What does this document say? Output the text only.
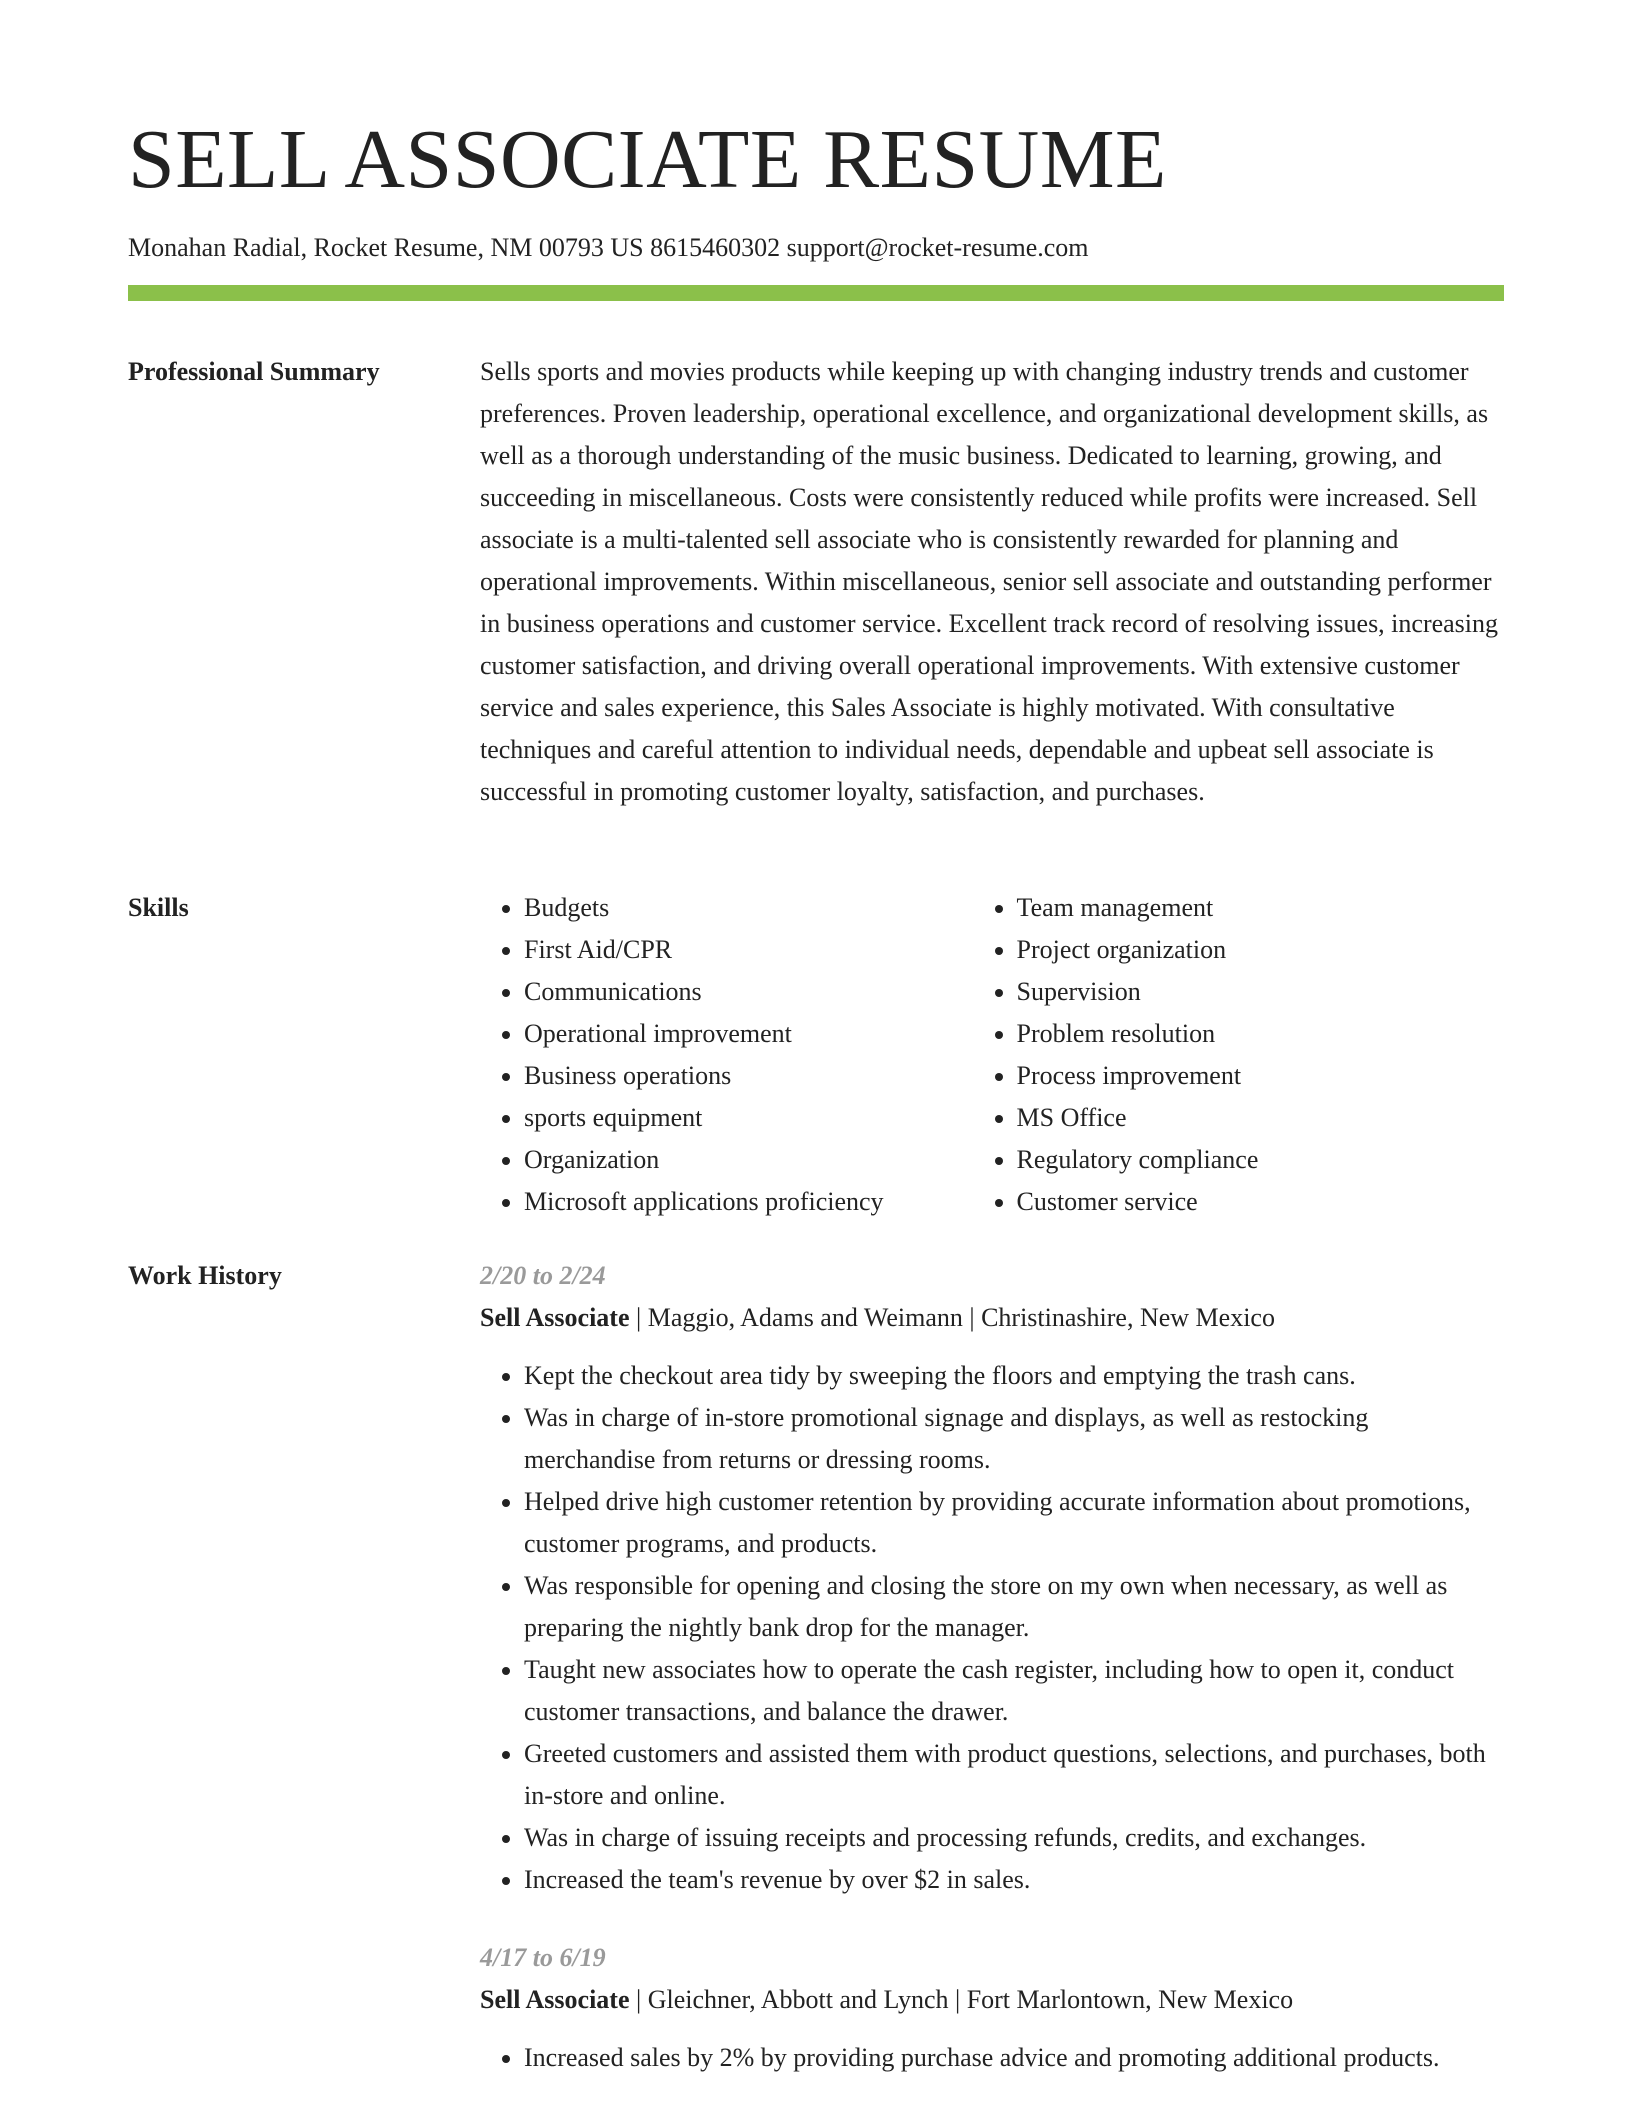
SELL ASSOCIATE RESUME
Monahan Radial, Rocket Resume, NM 00793 US 8615460302 support@rocket-resume.com
Professional Summary	Sells sports and movies products while keeping up with changing industry trends and customer preferences. Proven leadership, operational excellence, and organizational development skills, as well as a thorough understanding of the music business. Dedicated to learning, growing, and succeeding in miscellaneous. Costs were consistently reduced while profits were increased. Sell associate is a multi-talented sell associate who is consistently rewarded for planning and operational improvements. Within miscellaneous, senior sell associate and outstanding performer in business operations and customer service. Excellent track record of resolving issues, increasing customer satisfaction, and driving overall operational improvements. With extensive customer service and sales experience, this Sales Associate is highly motivated. With consultative techniques and careful attention to individual needs, dependable and upbeat sell associate is successful in promoting customer loyalty, satisfaction, and purchases.

Skills
•	Budgets
• First Aid/CPR
• Communications
• Operational improvement
• Business operations
• sports equipment
• Organization
• Microsoft applications proficiency
• Team management
• Project organization
• Supervision
• Problem resolution
• Process improvement
• MS Office
• Regulatory compliance
• Customer service
Work History	2/20 to 2/24
Sell Associate | Maggio, Adams and Weimann | Christinashire, New Mexico
• Kept the checkout area tidy by sweeping the floors and emptying the trash cans.
• Was in charge of in-store promotional signage and displays, as well as restocking merchandise from returns or dressing rooms.
• Helped drive high customer retention by providing accurate information about promotions, customer programs, and products.
• Was responsible for opening and closing the store on my own when necessary, as well as preparing the nightly bank drop for the manager.
• Taught new associates how to operate the cash register, including how to open it, conduct customer transactions, and balance the drawer.
• Greeted customers and assisted them with product questions, selections, and purchases, both in-store and online.
• Was in charge of issuing receipts and processing refunds, credits, and exchanges.
• Increased the team's revenue by over $2 in sales.
4/17 to 6/19
Sell Associate | Gleichner, Abbott and Lynch | Fort Marlontown, New Mexico
• Increased sales by 2% by providing purchase advice and promoting additional products.
